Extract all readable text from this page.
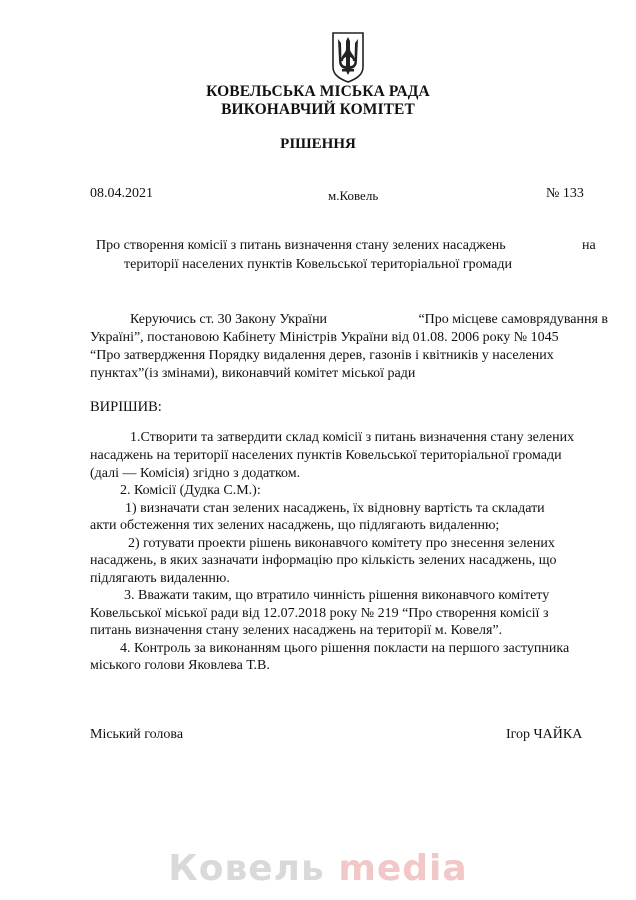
КОВЕЛЬСЬКА МІСЬКА РАДА
ВИКОНАВЧИЙ КОМІТЕТ
РІШЕННЯ
08.04.2021	м.Ковель	№ 133
Про створення комісії з питань визначення стану зелених насаджень	на
території населених пунктів Ковельської територіальної громади
Керуючись ст. 30 Закону України	“Про місцеве самоврядування в
Україні”, постановою Кабінету Міністрів України від 01.08. 2006 року № 1045
“Про затвердження Порядку видалення дерев, газонів і квітників у населених
пунктах”(із змінами), виконавчий комітет міської ради
ВИРІШИВ:
1.Створити та затвердити склад комісії з питань визначення стану зелених
насаджень на території населених пунктів Ковельської територіальної громади
(далі — Комісія) згідно з додатком.
2. Комісії (Дудка С.М.):
1) визначати стан зелених насаджень, їх відновну вартість та складати
акти обстеження тих зелених насаджень, що підлягають видаленню;
2) готувати проекти рішень виконавчого комітету про знесення зелених
насаджень, в яких зазначати інформацію про кількість зелених насаджень, що
підлягають видаленню.
3. Вважати таким, що втратило чинність рішення виконавчого комітету
Ковельської міської ради від 12.07.2018 року № 219 “Про створення комісії з
питань визначення стану зелених насаджень на території м. Ковеля”.
4. Контроль за виконанням цього рішення покласти на першого заступника
міського голови Яковлева Т.В.
Міський голова	Ігор ЧАЙКА
Ковель media
